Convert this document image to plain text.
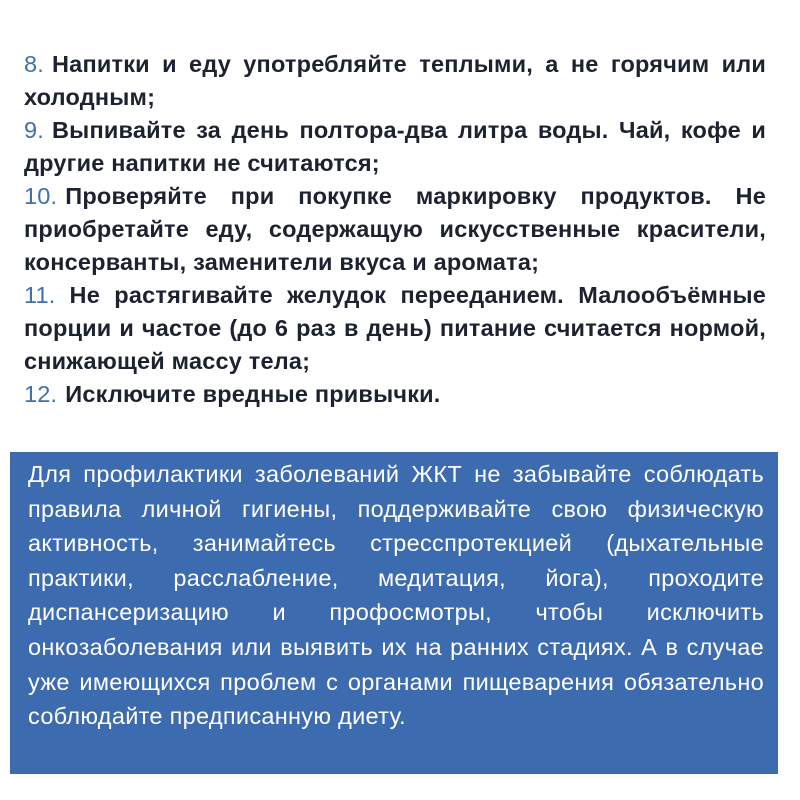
8. Напитки и еду употребляйте теплыми, а не горячим или холодным;

9. Выпивайте за день полтора-два литра воды. Чай, кофе и другие напитки не считаются;

10. Проверяйте при покупке маркировку продуктов. Не приобретайте еду, содержащую искусственные красители, консерванты, заменители вкуса и аромата;

11. Не растягивайте желудок перееданием. Малообъёмные порции и частое (до 6 раз в день) питание считается нормой, снижающей массу тела;

12. Исключите вредные привычки.

Для профилактики заболеваний ЖКТ не забывайте соблюдать правила личной гигиены, поддерживайте свою физическую активность, занимайтесь стресспротекцией (дыхательные практики, расслабление, медитация, йога), проходите диспансеризацию и профосмотры, чтобы исключить онкозаболевания или выявить их на ранних стадиях. А в случае уже имеющихся проблем с органами пищеварения обязательно соблюдайте предписанную диету.
